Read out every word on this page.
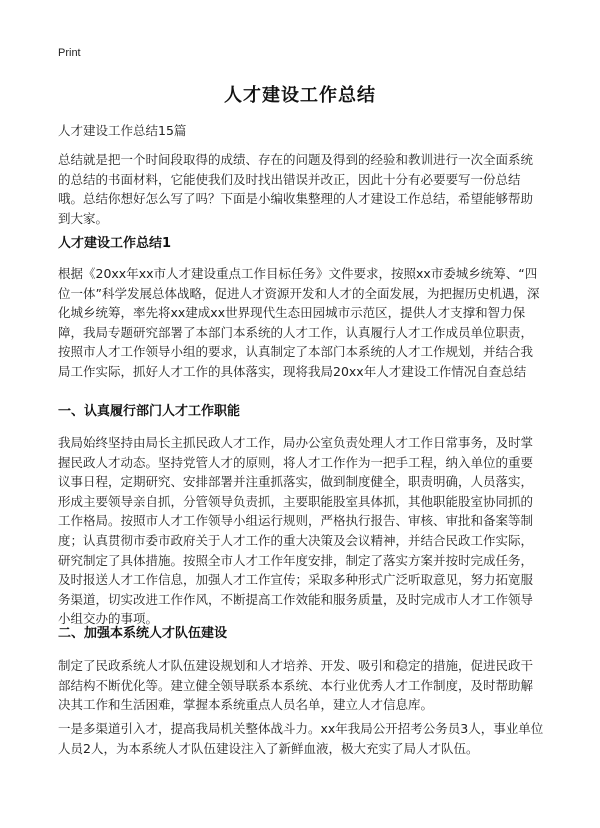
Print
人才建设工作总结

人才建设工作总结15篇

总结就是把一个时间段取得的成绩、存在的问题及得到的经验和教训进行一次全面系统的总结的书面材料，它能使我们及时找出错误并改正，因此十分有必要要写一份总结哦。总结你想好怎么写了吗？下面是小编收集整理的人才建设工作总结，希望能够帮助到大家。

人才建设工作总结1

根据《20xx年xx市人才建设重点工作目标任务》文件要求，按照xx市委城乡统筹、“四位一体”科学发展总体战略，促进人才资源开发和人才的全面发展，为把握历史机遇，深化城乡统筹，率先将xx建成xx世界现代生态田园城市示范区，提供人才支撑和智力保障，我局专题研究部署了本部门本系统的人才工作，认真履行人才工作成员单位职责，按照市人才工作领导小组的要求，认真制定了本部门本系统的人才工作规划，并结合我局工作实际，抓好人才工作的具体落实，现将我局20xx年人才建设工作情况自查总结

一、认真履行部门人才工作职能

我局始终坚持由局长主抓民政人才工作，局办公室负责处理人才工作日常事务，及时掌握民政人才动态。坚持党管人才的原则，将人才工作作为一把手工程，纳入单位的重要议事日程，定期研究、安排部署并注重抓落实，做到制度健全，职责明确，人员落实，形成主要领导亲自抓，分管领导负责抓，主要职能股室具体抓，其他职能股室协同抓的工作格局。按照市人才工作领导小组运行规则，严格执行报告、审核、审批和备案等制度；认真贯彻市委市政府关于人才工作的重大决策及会议精神，并结合民政工作实际，研究制定了具体措施。按照全市人才工作年度安排，制定了落实方案并按时完成任务，及时报送人才工作信息，加强人才工作宣传；采取多种形式广泛听取意见，努力拓宽服务渠道，切实改进工作作风，不断提高工作效能和服务质量，及时完成市人才工作领导小组交办的事项。

二、加强本系统人才队伍建设

制定了民政系统人才队伍建设规划和人才培养、开发、吸引和稳定的措施，促进民政干部结构不断优化等。建立健全领导联系本系统、本行业优秀人才工作制度，及时帮助解决其工作和生活困难，掌握本系统重点人员名单，建立人才信息库。

一是多渠道引入才，提高我局机关整体战斗力。xx年我局公开招考公务员3人，事业单位人员2人，为本系统人才队伍建设注入了新鲜血液，极大充实了局人才队伍。
